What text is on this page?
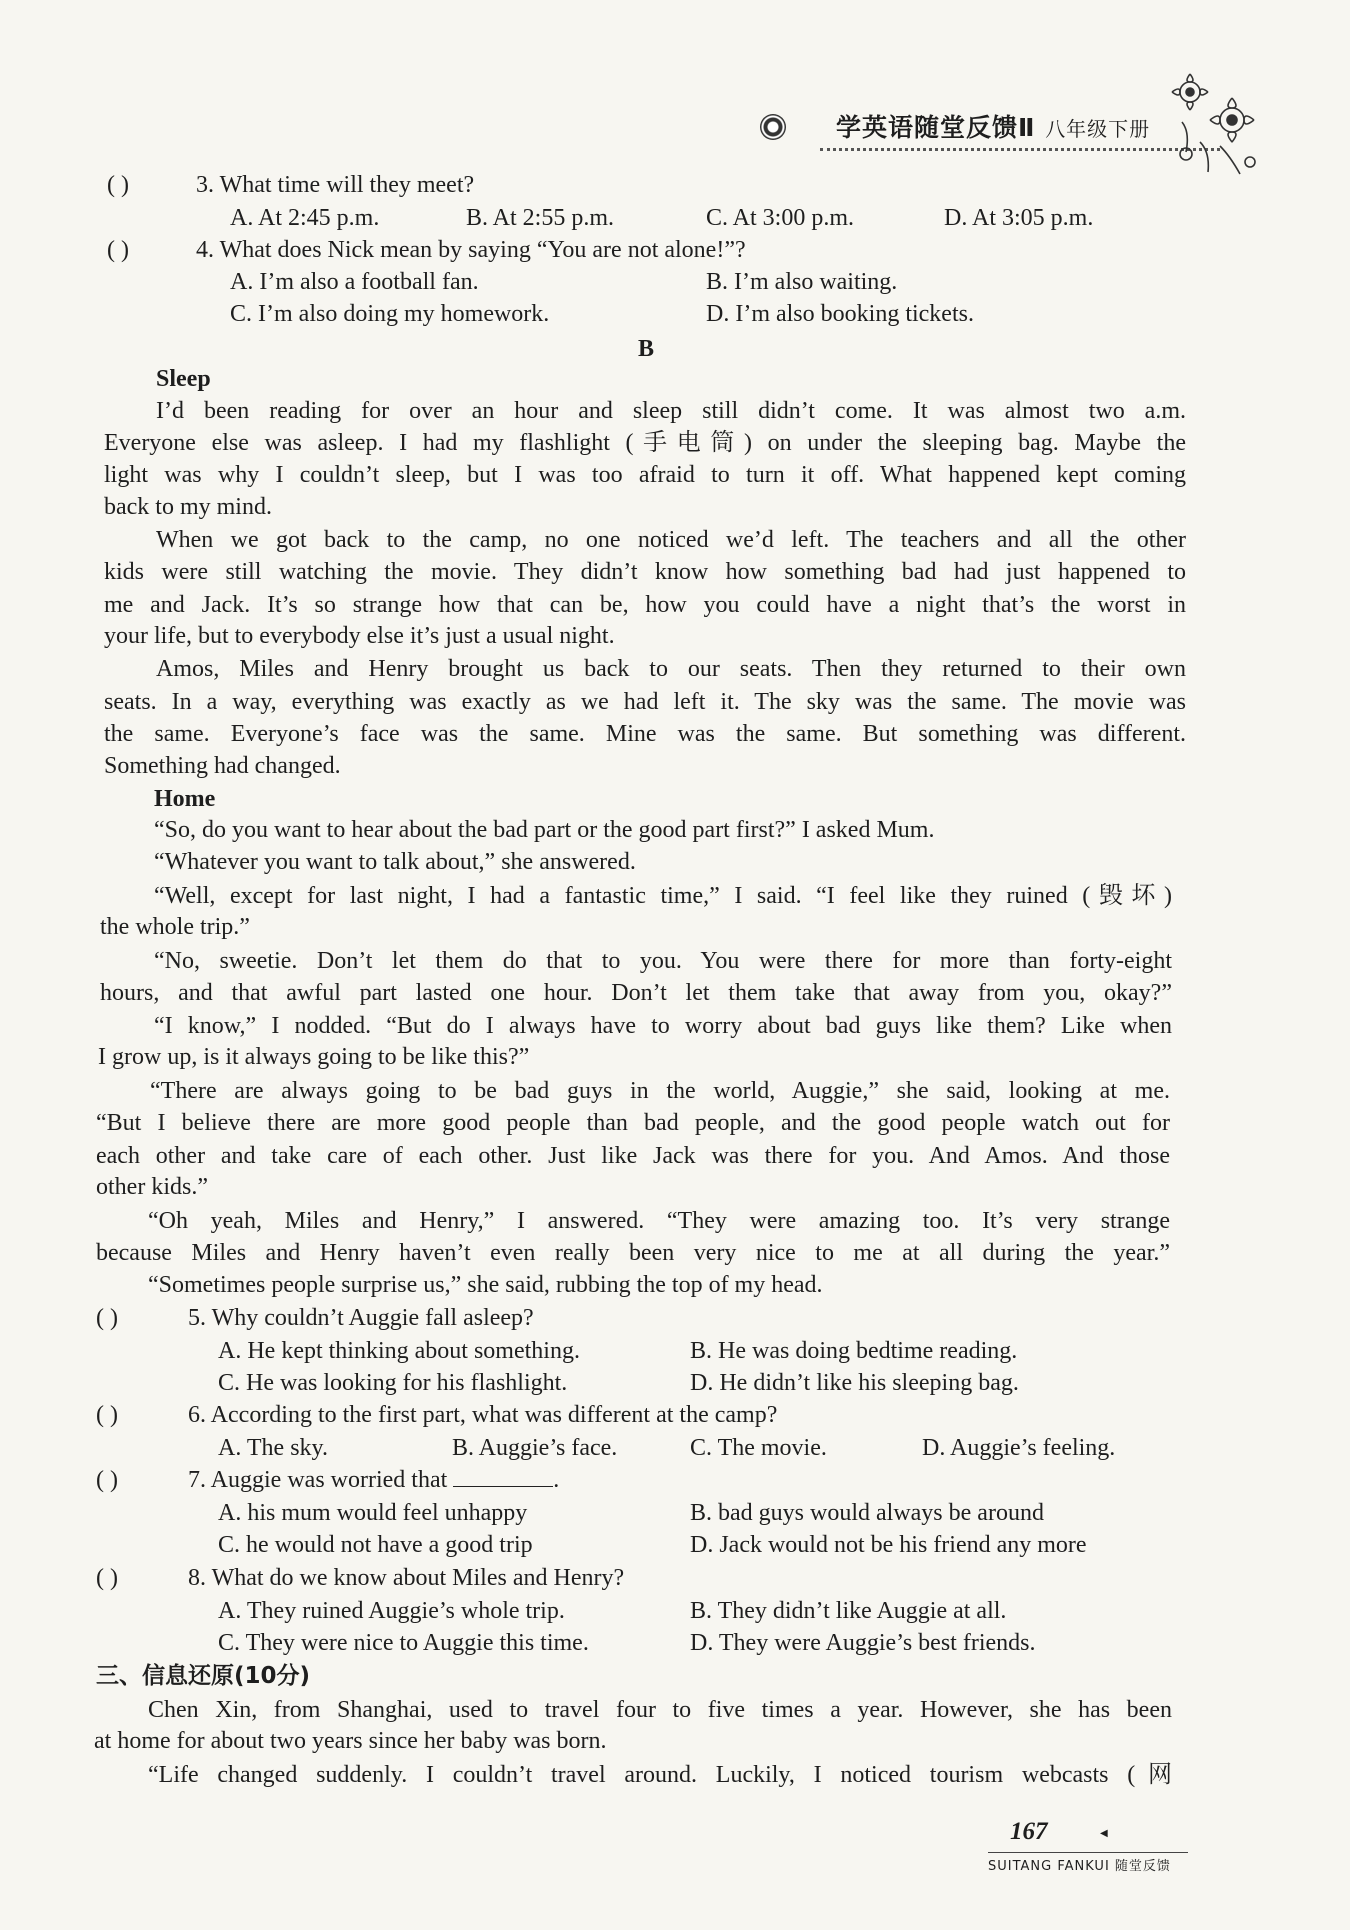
学英语随堂反馈Ⅱ 八年级下册
( )	3. What time will they meet?
A. At 2:45 p.m.	B. At 2:55 p.m.	C. At 3:00 p.m.	D. At 3:05 p.m.
( )	4. What does Nick mean by saying “You are not alone!”?
A. I’m also a football fan.	B. I’m also waiting.
C. I’m also doing my homework.	D. I’m also booking tickets.
B
Sleep
I’d been reading for over an hour and sleep still didn’t come. It was almost two a.m.
Everyone else was asleep. I had my flashlight (手电筒) on under the sleeping bag. Maybe the
light was why I couldn’t sleep, but I was too afraid to turn it off. What happened kept coming
back to my mind.
When we got back to the camp, no one noticed we’d left. The teachers and all the other
kids were still watching the movie. They didn’t know how something bad had just happened to
me and Jack. It’s so strange how that can be, how you could have a night that’s the worst in
your life, but to everybody else it’s just a usual night.
Amos, Miles and Henry brought us back to our seats. Then they returned to their own
seats. In a way, everything was exactly as we had left it. The sky was the same. The movie was
the same. Everyone’s face was the same. Mine was the same. But something was different.
Something had changed.
Home
“So, do you want to hear about the bad part or the good part first?” I asked Mum.
“Whatever you want to talk about,” she answered.
“Well, except for last night, I had a fantastic time,” I said. “I feel like they ruined (毁坏)
the whole trip.”
“No, sweetie. Don’t let them do that to you. You were there for more than forty-eight
hours, and that awful part lasted one hour. Don’t let them take that away from you, okay?”
“I know,” I nodded. “But do I always have to worry about bad guys like them? Like when
I grow up, is it always going to be like this?”
“There are always going to be bad guys in the world, Auggie,” she said, looking at me.
“But I believe there are more good people than bad people, and the good people watch out for
each other and take care of each other. Just like Jack was there for you. And Amos. And those
other kids.”
“Oh yeah, Miles and Henry,” I answered. “They were amazing too. It’s very strange
because Miles and Henry haven’t even really been very nice to me at all during the year.”
“Sometimes people surprise us,” she said, rubbing the top of my head.
( )	5. Why couldn’t Auggie fall asleep?
A. He kept thinking about something.	B. He was doing bedtime reading.
C. He was looking for his flashlight.	D. He didn’t like his sleeping bag.
( )	6. According to the first part, what was different at the camp?
A. The sky.	B. Auggie’s face.	C. The movie.	D. Auggie’s feeling.
( )	7. Auggie was worried that	.
A. his mum would feel unhappy	B. bad guys would always be around
C. he would not have a good trip	D. Jack would not be his friend any more
( )	8. What do we know about Miles and Henry?
A. They ruined Auggie’s whole trip.	B. They didn’t like Auggie at all.
C. They were nice to Auggie this time.	D. They were Auggie’s best friends.
三、信息还原(10分)
Chen Xin, from Shanghai, used to travel four to five times a year. However, she has been
at home for about two years since her baby was born.
“Life changed suddenly. I couldn’t travel around. Luckily, I noticed tourism webcasts (网
167	◀
SUITANG FANKUI 随堂反馈
